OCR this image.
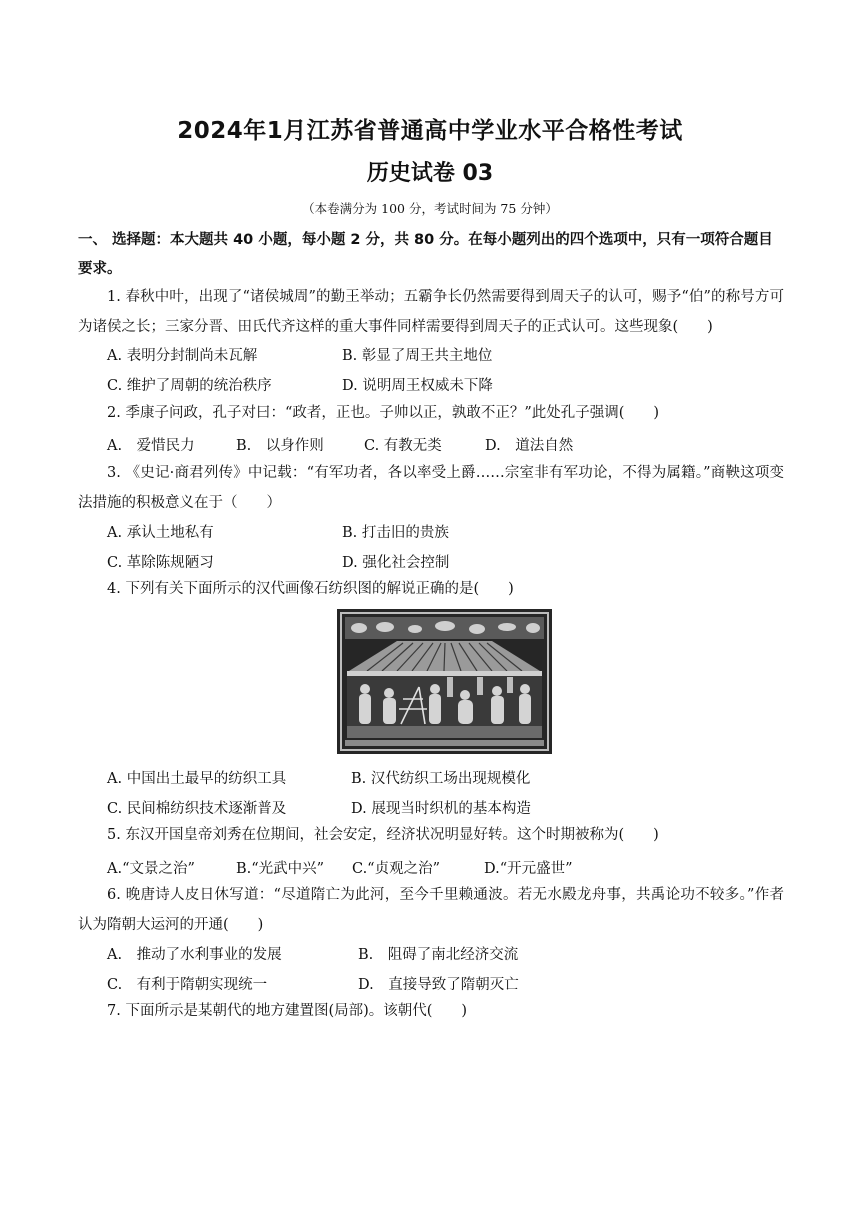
2024年1月江苏省普通高中学业水平合格性考试
历史试卷 03
（本卷满分为 100 分，考试时间为 75 分钟）
一、 选择题：本大题共 40 小题，每小题 2 分，共 80 分。在每小题列出的四个选项中，只有一项符合题目要求。
1. 春秋中叶，出现了“诸侯城周”的勤王举动；五霸争长仍然需要得到周天子的认可，赐予“伯”的称号方可为诸侯之长；三家分晋、田氏代齐这样的重大事件同样需要得到周天子的正式认可。这些现象(　　)
A. 表明分封制尚未瓦解	B. 彰显了周王共主地位
C. 维护了周朝的统治秩序	D. 说明周王权威未下降
2. 季康子问政，孔子对曰：“政者，正也。子帅以正，孰敢不正？”此处孔子强调(　　)
A.　爱惜民力	B.　以身作则	C. 有教无类	D.　道法自然
3. 《史记·商君列传》中记载：“有军功者，各以率受上爵……宗室非有军功论，不得为属籍。”商鞅这项变法措施的积极意义在于（　　）
A. 承认土地私有	B. 打击旧的贵族
C. 革除陈规陋习	D. 强化社会控制
4. 下列有关下面所示的汉代画像石纺织图的解说正确的是(　　)
A. 中国出土最早的纺织工具	B. 汉代纺织工场出现规模化
C. 民间棉纺织技术逐渐普及	D. 展现当时织机的基本构造
5. 东汉开国皇帝刘秀在位期间，社会安定，经济状况明显好转。这个时期被称为(　　)
A.“文景之治”	B.“光武中兴” C.“贞观之治”	D.“开元盛世”
6. 晚唐诗人皮日休写道：“尽道隋亡为此河，至今千里赖通波。若无水殿龙舟事，共禹论功不较多。”作者认为隋朝大运河的开通(　　)
A.　推动了水利事业的发展	B.　阻碍了南北经济交流
C.　有利于隋朝实现统一	D.　直接导致了隋朝灭亡
7. 下面所示是某朝代的地方建置图(局部)。该朝代(　　)
